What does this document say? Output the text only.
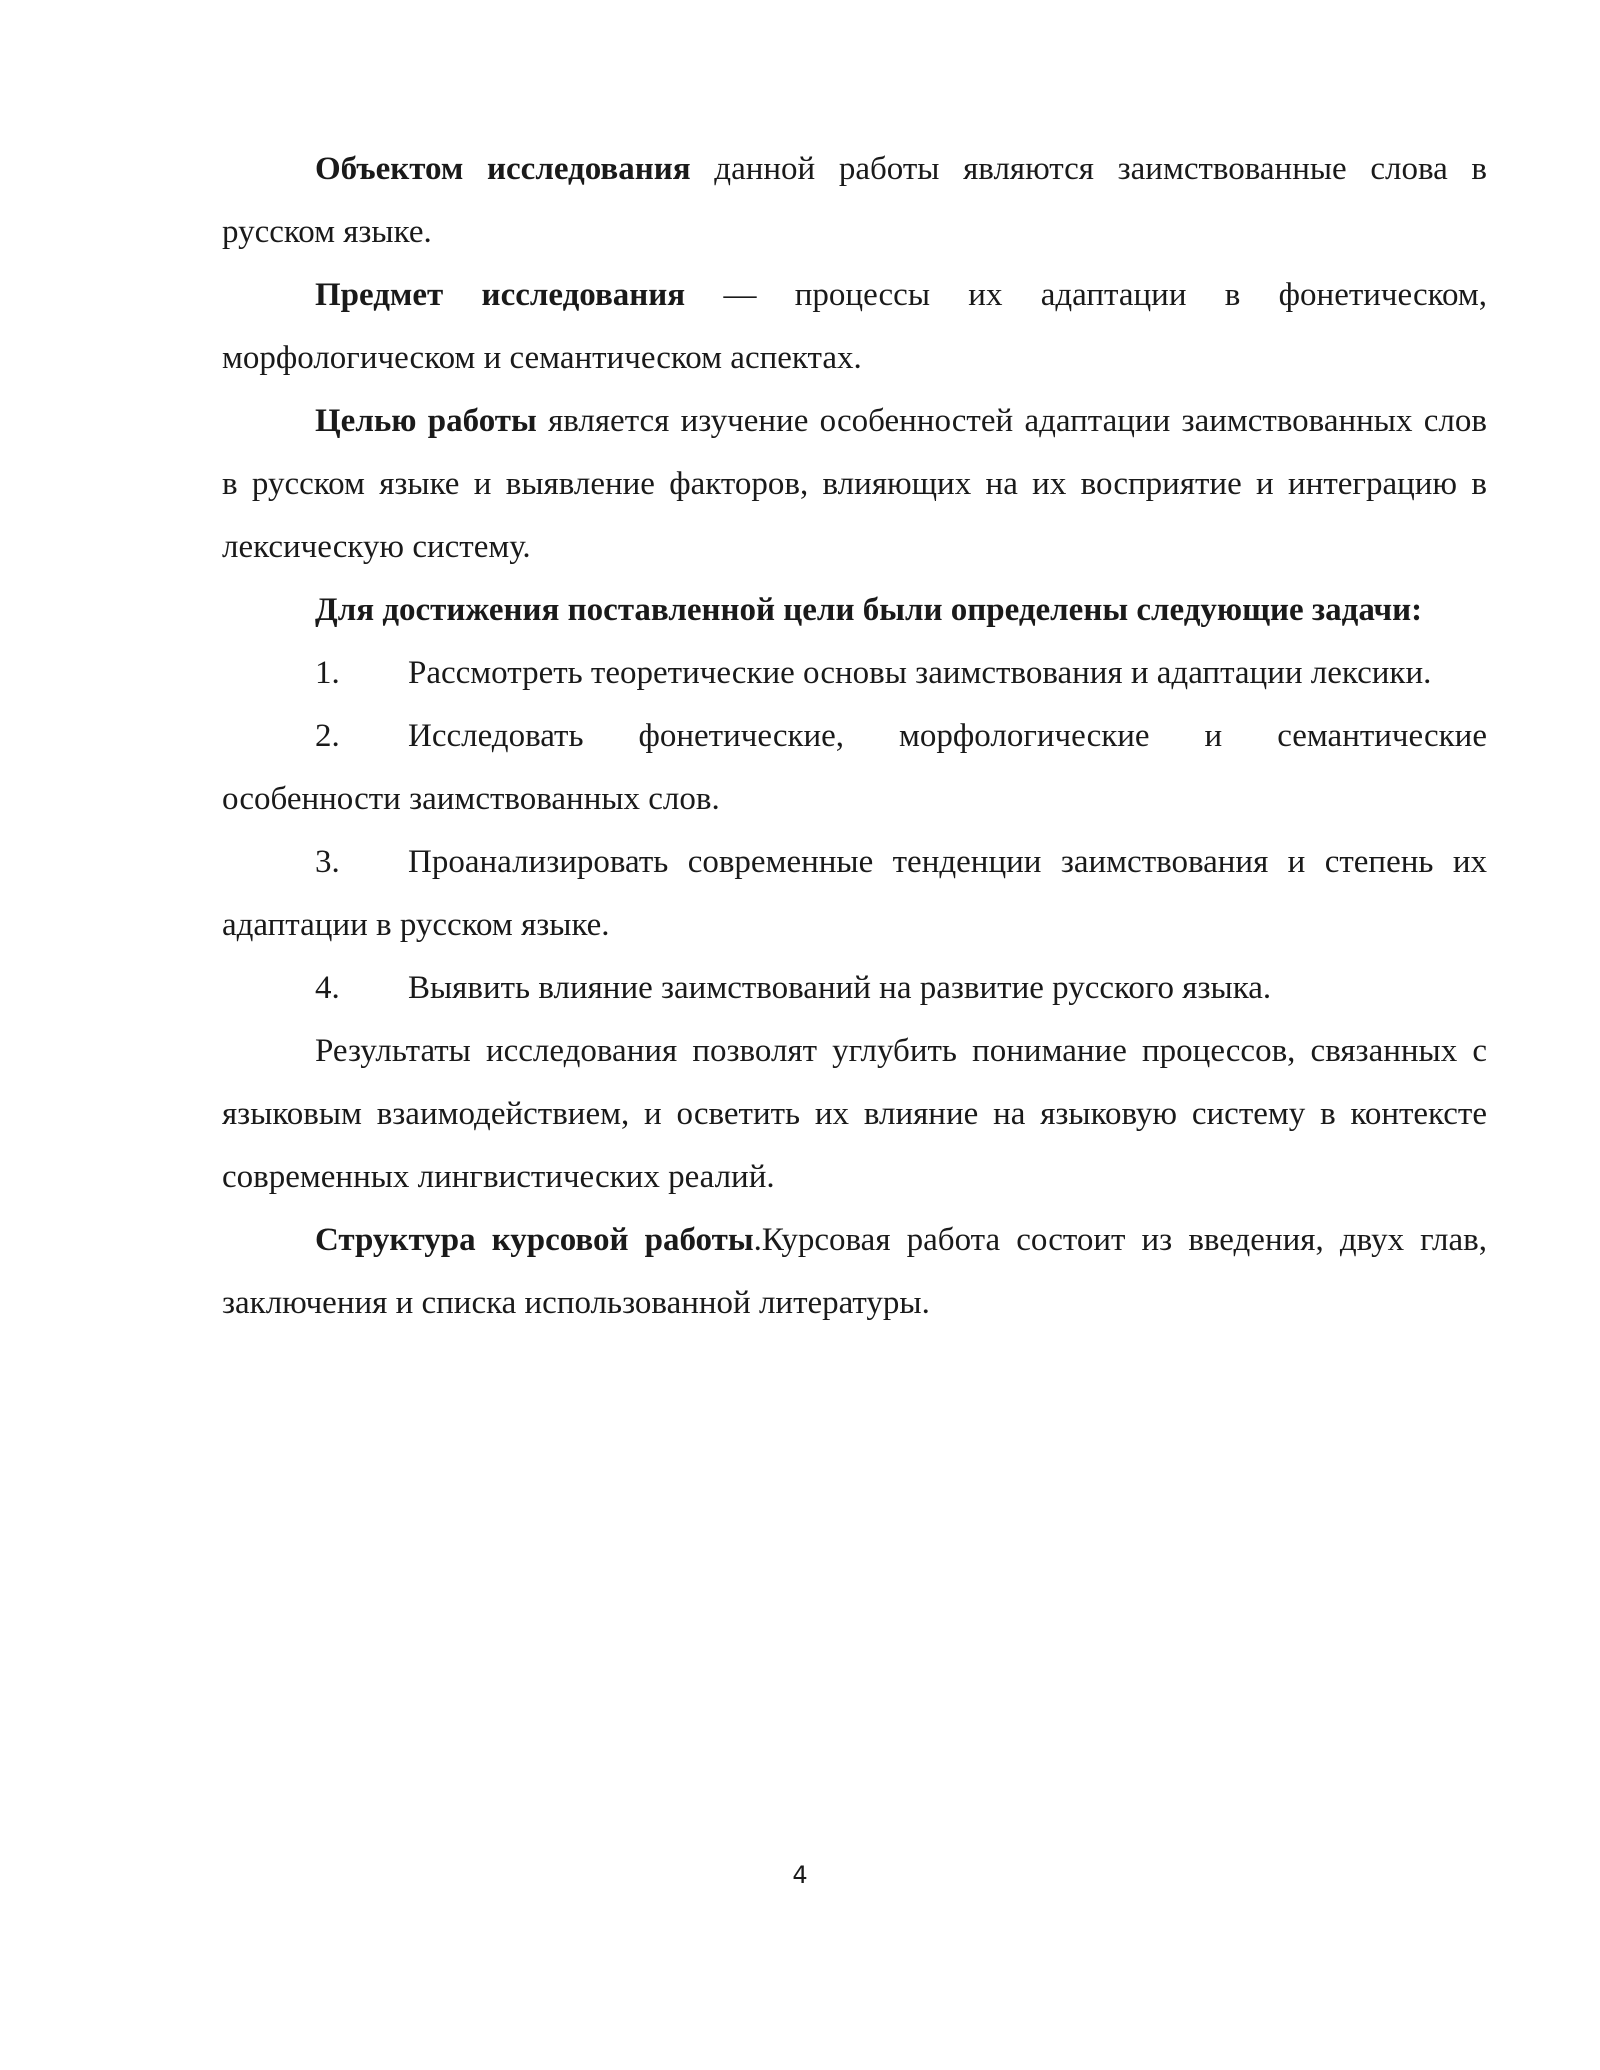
Объектом исследования данной работы являются заимствованные слова в русском языке.

Предмет исследования — процессы их адаптации в фонетическом, морфологическом и семантическом аспектах.

Целью работы является изучение особенностей адаптации заимствованных слов в русском языке и выявление факторов, влияющих на их восприятие и интеграцию в лексическую систему.

Для достижения поставленной цели были определены следующие задачи:

1. Рассмотреть теоретические основы заимствования и адаптации лексики.

2. Исследовать фонетические, морфологические и семантические особенности заимствованных слов.

3. Проанализировать современные тенденции заимствования и степень их адаптации в русском языке.

4. Выявить влияние заимствований на развитие русского языка.

Результаты исследования позволят углубить понимание процессов, связанных с языковым взаимодействием, и осветить их влияние на языковую систему в контексте современных лингвистических реалий.

Структура курсовой работы.Курсовая работа состоит из введения, двух глав, заключения и списка использованной литературы.

4
